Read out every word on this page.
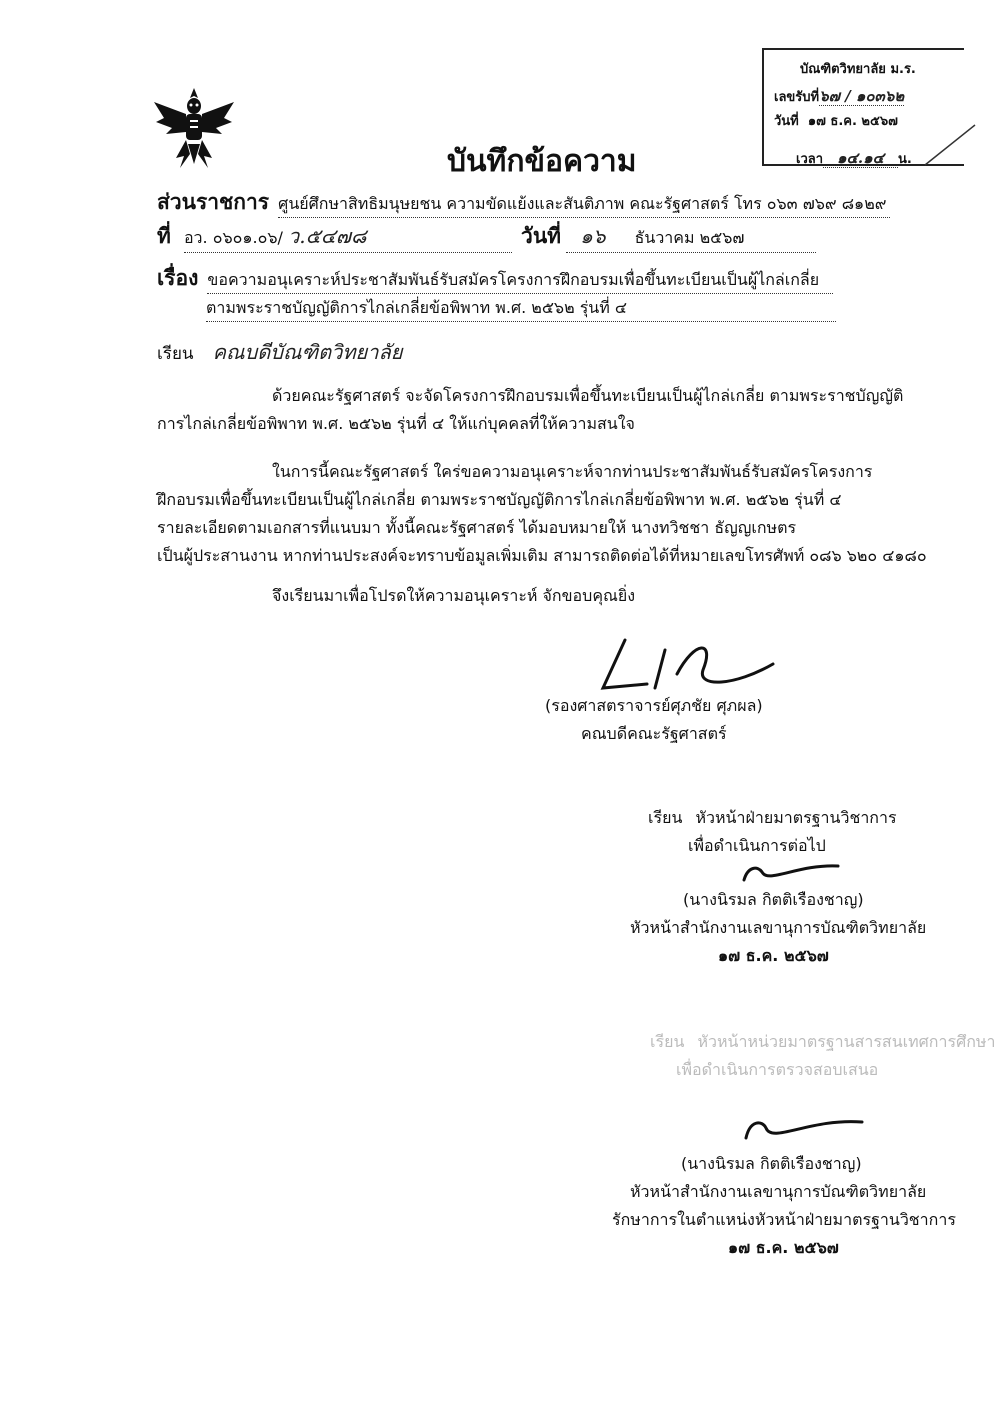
บัณฑิตวิทยาลัย ม.ร.
เลขรับที่๖๗ / ๑๐๓๖๒
วันที่ ๑๗ ธ.ค. ๒๕๖๗
เวลา ๑๔.๑๔ น.
บันทึกข้อความ
ส่วนราชการ ศูนย์ศึกษาสิทธิมนุษยชน ความขัดแย้งและสันติภาพ คณะรัฐศาสตร์ โทร ๐๖๓ ๗๖๙ ๘๑๒๙
ที่ อว. ๐๖๐๑.๐๖/ ว.๕๔๗๘	วันที่ ๑๖ ธันวาคม ๒๕๖๗
เรื่อง ขอความอนุเคราะห์ประชาสัมพันธ์รับสมัครโครงการฝึกอบรมเพื่อขึ้นทะเบียนเป็นผู้ไกล่เกลี่ย
ตามพระราชบัญญัติการไกล่เกลี่ยข้อพิพาท พ.ศ. ๒๕๖๒ รุ่นที่ ๔
เรียน คณบดีบัณฑิตวิทยาลัย
ด้วยคณะรัฐศาสตร์ จะจัดโครงการฝึกอบรมเพื่อขึ้นทะเบียนเป็นผู้ไกล่เกลี่ย ตามพระราชบัญญัติ
การไกล่เกลี่ยข้อพิพาท พ.ศ. ๒๕๖๒ รุ่นที่ ๔ ให้แก่บุคคลที่ให้ความสนใจ
ในการนี้คณะรัฐศาสตร์ ใคร่ขอความอนุเคราะห์จากท่านประชาสัมพันธ์รับสมัครโครงการ
ฝึกอบรมเพื่อขึ้นทะเบียนเป็นผู้ไกล่เกลี่ย ตามพระราชบัญญัติการไกล่เกลี่ยข้อพิพาท พ.ศ. ๒๕๖๒ รุ่นที่ ๔
รายละเอียดตามเอกสารที่แนบมา ทั้งนี้คณะรัฐศาสตร์ ได้มอบหมายให้ นางทวิชชา ธัญญเกษตร
เป็นผู้ประสานงาน หากท่านประสงค์จะทราบข้อมูลเพิ่มเติม สามารถติดต่อได้ที่หมายเลขโทรศัพท์ ๐๘๖ ๖๒๐ ๔๑๘๐
จึงเรียนมาเพื่อโปรดให้ความอนุเคราะห์ จักขอบคุณยิ่ง
(รองศาสตราจารย์ศุภชัย ศุภผล)
คณบดีคณะรัฐศาสตร์
เรียน หัวหน้าฝ่ายมาตรฐานวิชาการ
เพื่อดำเนินการต่อไป
(นางนิรมล กิตติเรืองชาญ)
หัวหน้าสำนักงานเลขานุการบัณฑิตวิทยาลัย
๑๗ ธ.ค. ๒๕๖๗
เรียน หัวหน้าหน่วยมาตรฐานสารสนเทศการศึกษา
เพื่อดำเนินการตรวจสอบเสนอ
(นางนิรมล กิตติเรืองชาญ)
หัวหน้าสำนักงานเลขานุการบัณฑิตวิทยาลัย
รักษาการในตำแหน่งหัวหน้าฝ่ายมาตรฐานวิชาการ
๑๗ ธ.ค. ๒๕๖๗
